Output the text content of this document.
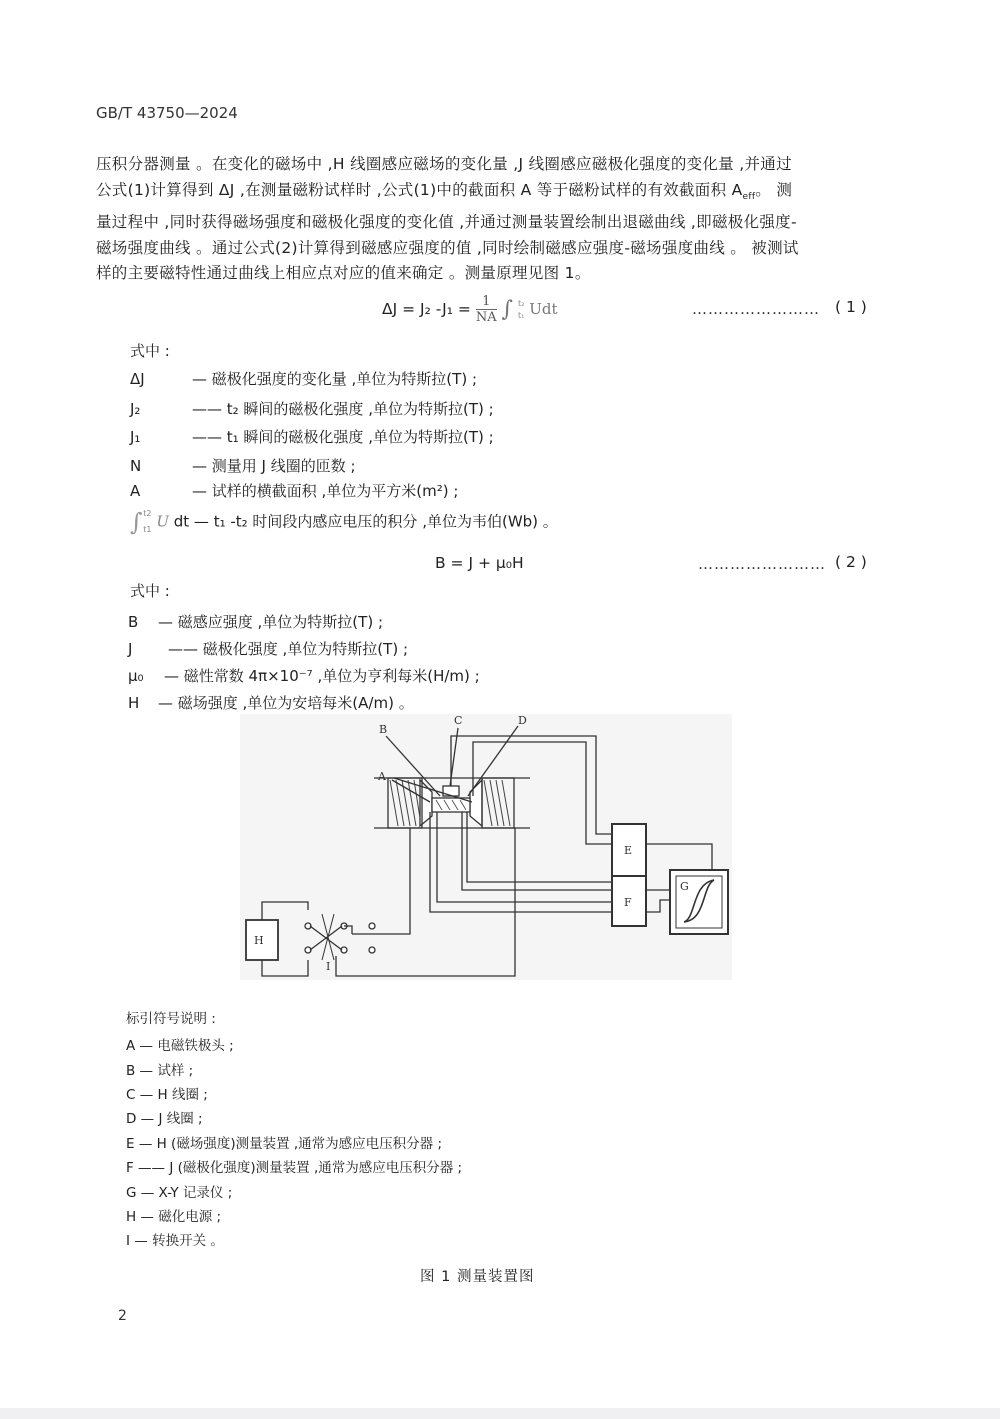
GB/T 43750—2024
压积分器测量 。在变化的磁场中 ,H 线圈感应磁场的变化量 ,J 线圈感应磁极化强度的变化量 ,并通过
公式(1)计算得到 ΔJ ,在测量磁粉试样时 ,公式(1)中的截面积 A 等于磁粉试样的有效截面积 $A_{eff}$。 测
量过程中 ,同时获得磁场强度和磁极化强度的变化值 ,并通过测量装置绘制出退磁曲线 ,即磁极化强度-
磁场强度曲线 。通过公式(2)计算得到磁感应强度的值 ,同时绘制磁感应强度-磁场强度曲线 。 被测试
样的主要磁特性通过曲线上相应点对应的值来确定 。测量原理见图 1。
ΔJ = J₂ $-J_1 = \frac{1}{NA}$ ∫ t₂
t₁ Udt	…………………… ( 1 )
式中 :
ΔJ	— 磁极化强度的变化量 ,单位为特斯拉(T) ;
J₂	—— t₂ 瞬间的磁极化强度 ,单位为特斯拉(T) ;
J₁	—— t₁ 瞬间的磁极化强度 ,单位为特斯拉(T) ;
N	— 测量用 J 线圈的匝数 ;
A	— 试样的横截面积 ,单位为平方米(m²) ;
∫ t2
t1 U dt — t₁ -t₂ 时间段内感应电压的积分 ,单位为韦伯(Wb) 。
B = J + μ₀H	…………………… ( 2 )
式中 :
B — 磁感应强度 ,单位为特斯拉(T) ;
J —— 磁极化强度 ,单位为特斯拉(T) ;
μ₀ — 磁性常数 4π×10⁻⁷ ,单位为亨利每米(H/m) ;
H — 磁场强度 ,单位为安培每米(A/m) 。
B
C	D
A
E
F
G
H
I
标引符号说明 :
A — 电磁铁极头 ;
B — 试样 ;
C — H 线圈 ;
D — J 线圈 ;
E — H (磁场强度)测量装置 ,通常为感应电压积分器 ;
F —— J (磁极化强度)测量装置 ,通常为感应电压积分器 ;
G — X-Y 记录仪 ;
H — 磁化电源 ;
I — 转换开关 。
图 1 测量装置图
2
